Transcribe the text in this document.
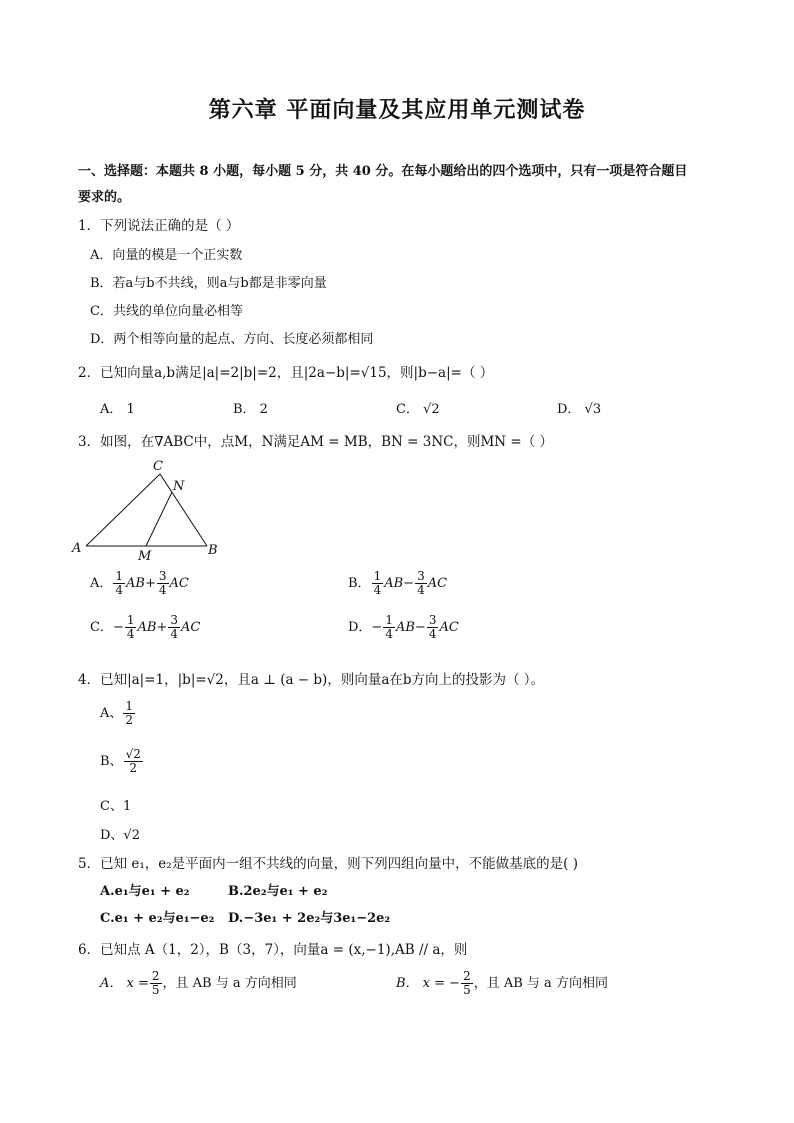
第六章 平面向量及其应用单元测试卷
一、选择题：本题共 8 小题，每小题 5 分，共 40 分。在每小题给出的四个选项中，只有一项是符合题目
要求的。
1．下列说法正确的是（ ）
A．向量的模是一个正实数
B．若a与b不共线，则a与b都是非零向量
C．共线的单位向量必相等
D．两个相等向量的起点、方向、长度必须都相同
2．已知向量a,b满足|a|=2|b|=2，且|2a−b|=√15，则|b−a|=（ ）
A． 1	B． 2	C． √2	D． √3
3．如图，在∇ABC中，点M，N满足AM = MB，BN = 3NC，则MN =（ ）
A	B
C
M
N
A． $\frac{1}{4} AB+ \frac{3}{4}$ AC	B． $\frac{1}{4} AB- \frac{3}{4}$ AC
C．− $\frac{1}{4} AB+ \frac{3}{4}$ AC	D．− $\frac{1}{4} AB- \frac{3}{4}$ AC
4．已知|a|=1，|b|=√2，且a ⊥ (a − b)，则向量a在b方向上的投影为（ ）。
A、 $\frac{1}{2}$
B、 $\frac{√2}{2}$
C、1
D、√2
5．已知 e₁，e₂是平面内一组不共线的向量，则下列四组向量中，不能做基底的是( )
A.e₁与e₁ + e₂	B.2e₂与e₁ + e₂
C.e₁ + e₂与e₁−e₂ D.−3e₁ + 2e₂与3e₁−2e₂
6．已知点 A（1，2），B（3，7），向量a = (x,−1),AB // a，则
A． $x = \frac{2}{5}$ ，且 AB 与 a 方向相同	B． x = − $\frac{2}{5}$ ，且 AB 与 a 方向相同
